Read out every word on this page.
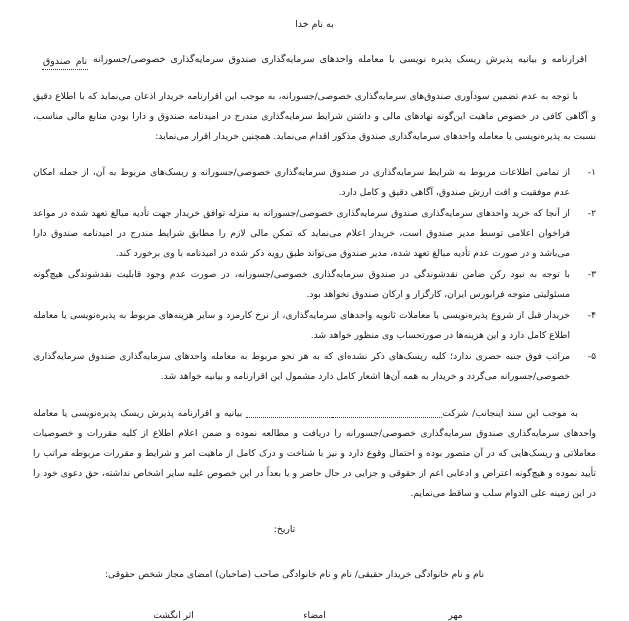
به نام خدا
اقرارنامه و بیانیه پذیرش ریسک پذیره نویسی یا معامله واحدهای سرمایه‌گذاری صندوق سرمایه‌گذاری خصوصی/جسورانه نام صندوق

با توجه به عدم تضمین سودآوری صندوق‌های سرمایه‌گذاری خصوصی/جسورانه، به موجب این اقرارنامه خریدار اذعان می‌نماید که با اطلاع دقیق و آگاهی کافی در خصوص ماهیت این‌گونه نهادهای مالی و داشتن شرایط سرمایه‌گذاری مندرج در امیدنامه صندوق و دارا بودن منابع مالی مناسب، نسبت به پذیره‌نویسی یا معامله واحدهای سرمایه‌گذاری صندوق مذکور اقدام می‌نماید. همچنین خریدار اقرار می‌نماید:

۱-
از تمامی اطلاعات مربوط به شرایط سرمایه‌گذاری در صندوق سرمایه‌گذاری خصوصی/جسورانه و ریسک‌های مربوط به آن، از جمله امکان عدم موفقیت و افت ارزش صندوق، آگاهی دقیق و کامل دارد.
۲-
از آنجا که خرید واحدهای سرمایه‌گذاری صندوق سرمایه‌گذاری خصوصی/جسورانه به منزله توافق خریدار جهت تأدیه مبالغ تعهد شده در مواعد فراخوان اعلامی توسط مدیر صندوق است، خریدار اعلام می‌نماید که تمکن مالی لازم را مطابق شرایط مندرج در امیدنامه صندوق دارا می‌باشد و در صورت عدم تأدیه مبالغ تعهد شده، مدیر صندوق می‌تواند طبق رویه ذکر شده در امیدنامه با وی برخورد کند.
۳-
با توجه به نبود رکن ضامن نقدشوندگی در صندوق سرمایه‌گذاری خصوصی/جسورانه، در صورت عدم وجود قابلیت نقدشوندگی هیچ‌گونه مسئولیتی متوجه فرابورس ایران، کارگزار و ارکان صندوق نخواهد بود.
۴-
خریدار قبل از شروع پذیره‌نویسی یا معاملات ثانویه واحدهای سرمایه‌گذاری، از نرخ کارمزد و سایر هزینه‌های مربوط به پذیره‌نویسی یا معامله اطلاع کامل دارد و این هزینه‌ها در صورتحساب وی منظور خواهد شد.
۵-
مراتب فوق جنبه حصری ندارد؛ کلیه ریسک‌های ذکر نشده‌ای که به هر نحو مربوط به معامله واحدهای سرمایه‌گذاری صندوق سرمایه‌گذاری خصوصی/جسورانه می‌گردد و خریدار به همه آن‌ها اشعار کامل دارد مشمول این اقرارنامه و بیانیه خواهد شد.

به موجب این سند اینجانب/ شرکت بیانیه و اقرارنامه پذیرش ریسک پذیره‌نویسی یا معامله واحدهای سرمایه‌گذاری صندوق سرمایه‌گذاری خصوصی/جسورانه را دریافت و مطالعه نموده و ضمن اعلام اطلاع از کلیه مقررات و خصوصیات معاملاتی و ریسک‌هایی که در آن متصور بوده و احتمال وقوع دارد و نیز با شناخت و درک کامل از ماهیت امر و شرایط و مقررات مربوطه مراتب را تأیید نموده و هیچ‌گونه اعتراض و ادعایی اعم از حقوقی و جزایی در حال حاضر و یا بعداً در این خصوص علیه سایر اشخاص نداشته، حق دعوی خود را در این زمینه علی الدوام سلب و ساقط می‌نمایم.

تاریخ:
نام و نام خانوادگی خریدار حقیقی/ نام و نام خانوادگی صاحب (صاحبان) امضای مجاز شخص حقوقی:
مهر
امضاء
اثر انگشت
